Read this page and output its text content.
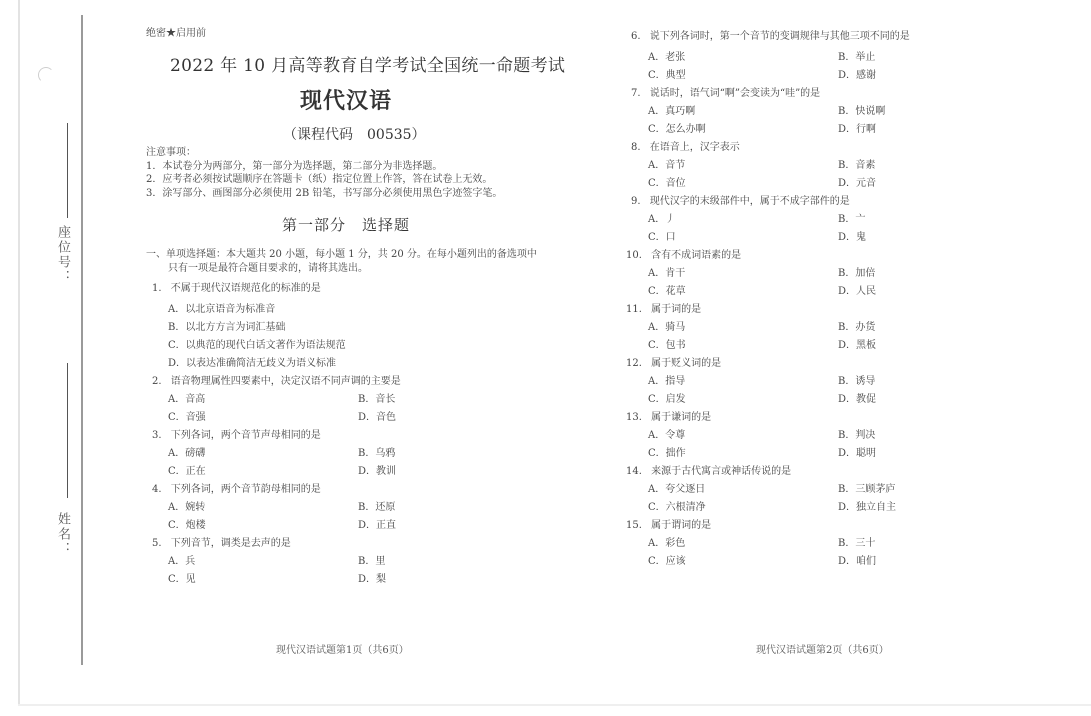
座位号：
姓名：
绝密★启用前
2022 年 10 月高等教育自学考试全国统一命题考试
现代汉语
（课程代码　00535）
注意事项：
1．本试卷分为两部分，第一部分为选择题，第二部分为非选择题。
2．应考者必须按试题顺序在答题卡（纸）指定位置上作答，答在试卷上无效。
3．涂写部分、画图部分必须使用 2B 铅笔，书写部分必须使用黑色字迹签字笔。
第一部分　选择题
一、单项选择题：本大题共 20 小题，每小题 1 分，共 20 分。在每小题列出的备选项中
只有一项是最符合题目要求的，请将其选出。
1. 不属于现代汉语规范化的标准的是
A．以北京语音为标准音
B．以北方方言为词汇基础
C．以典范的现代白话文著作为语法规范
D．以表达准确简洁无歧义为语义标准
2. 语音物理属性四要素中，决定汉语不同声调的主要是
A．音高	B．音长
C．音强	D．音色
3. 下列各词，两个音节声母相同的是
A．磅礴	B．乌鸦
C．正在	D．教训
4. 下列各词，两个音节韵母相同的是
A．婉转	B．还原
C．炮楼	D．正直
5. 下列音节，调类是去声的是
A．兵	B．里
C．见	D．梨
现代汉语试题第1页（共6页）
6. 说下列各词时，第一个音节的变调规律与其他三项不同的是
A．老张	B．举止
C．典型	D．感谢
7. 说话时，语气词“啊”会变读为“哇”的是
A．真巧啊	B．快说啊
C．怎么办啊	D．行啊
8. 在语音上，汉字表示
A．音节	B．音素
C．音位	D．元音
9. 现代汉字的末级部件中，属于不成字部件的是
A．丿	B．亠
C．口	D．鬼
10. 含有不成词语素的是
A．肯干	B．加倍
C．花草	D．人民
11. 属于词的是
A．骑马	B．办货
C．包书	D．黑板
12. 属于贬义词的是
A．指导	B．诱导
C．启发	D．教促
13. 属于谦词的是
A．令尊	B．判决
C．拙作	D．聪明
14. 来源于古代寓言或神话传说的是
A．夸父逐日	B．三顾茅庐
C．六根清净	D．独立自主
15. 属于谓词的是
A．彩色	B．三十
C．应该	D．咱们
现代汉语试题第2页（共6页）
